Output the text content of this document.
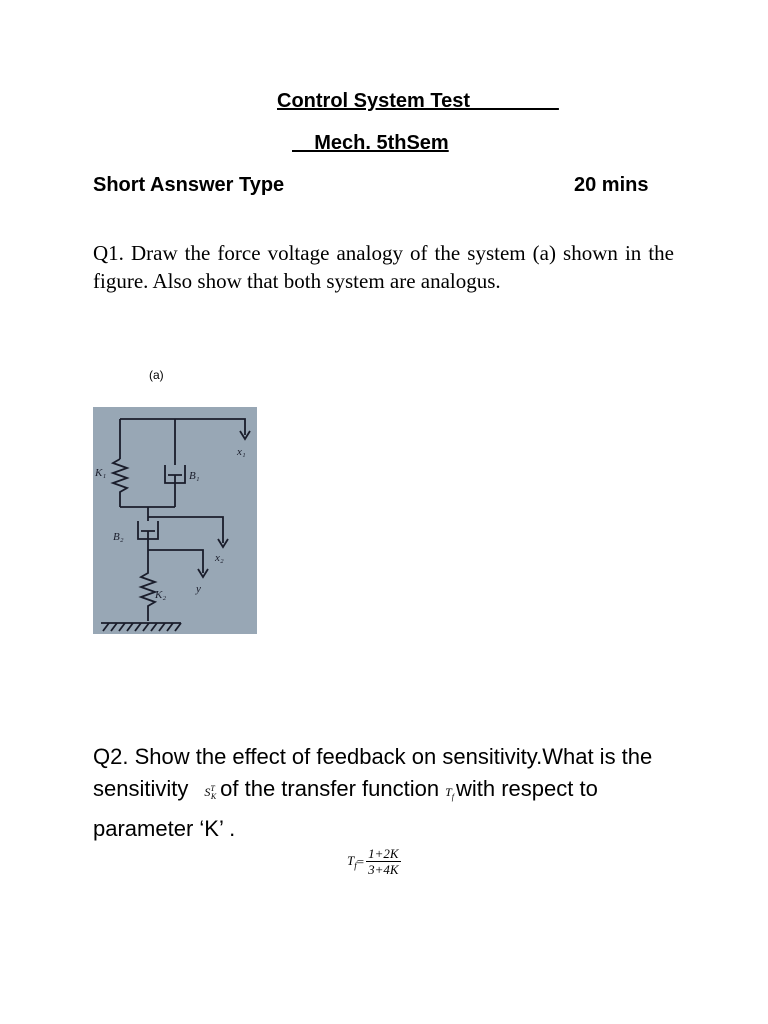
Control System Test
Mech. 5thSem
Short Asnswer Type	20 mins
Q1. Draw the force voltage analogy of the system (a) shown in the figure. Also show that both system are analogus.
(a)
K₁	B₁
B₂
K₂
x₁
x₂
y
Q2. Show the effect of feedback on sensitivity.What is the sensitivity $S^T_K$ of the transfer function $T_fwith$ respect to parameter ‘K’ .
$T_f = \frac{1+2K}{3+4K}$
